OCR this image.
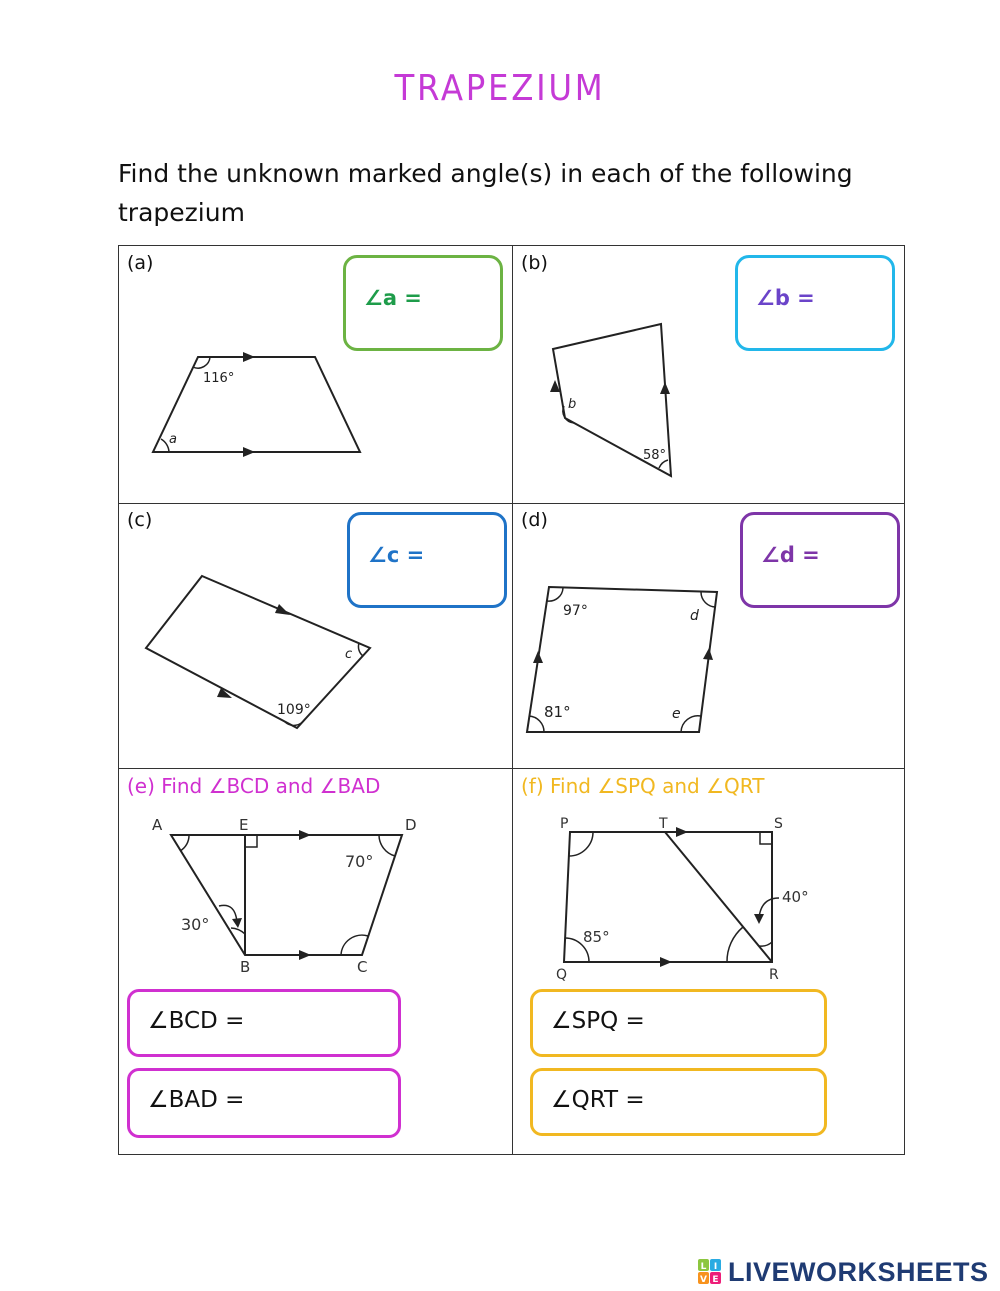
TRAPEZIUM
Find the unknown marked angle(s) in each of the following trapezium
(a)
∠a =
116°
a
(b)
∠b =
b
58°
(c)
∠c =
c
109°
(d)
∠d =
97°	d
81°	e
(e) Find ∠BCD and ∠BAD
A	E	D
B	C
30°
70°
∠BCD =
∠BAD =
(f) Find ∠SPQ and ∠QRT
P	T	S
Q	R
40°
85°
∠SPQ =
∠QRT =
L I
V E LIVEWORKSHEETS
